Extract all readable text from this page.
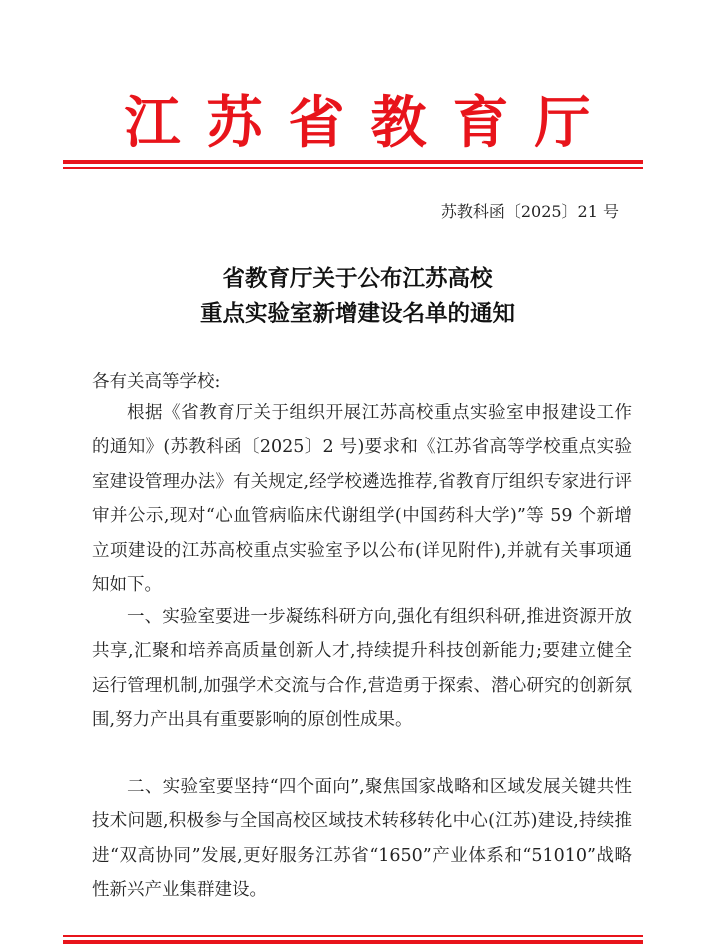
江苏省教育厅
苏教科函〔2025〕21 号
省教育厅关于公布江苏高校
重点实验室新增建设名单的通知
各有关高等学校:

根据《省教育厅关于组织开展江苏高校重点实验室申报建设工作的通知》(苏教科函〔2025〕2 号)要求和《江苏省高等学校重点实验室建设管理办法》有关规定,经学校遴选推荐,省教育厅组织专家进行评审并公示,现对“心血管病临床代谢组学(中国药科大学)”等 59 个新增立项建设的江苏高校重点实验室予以公布(详见附件),并就有关事项通知如下。

一、实验室要进一步凝练科研方向,强化有组织科研,推进资源开放共享,汇聚和培养高质量创新人才,持续提升科技创新能力;要建立健全运行管理机制,加强学术交流与合作,营造勇于探索、潜心研究的创新氛围,努力产出具有重要影响的原创性成果。

二、实验室要坚持“四个面向”,聚焦国家战略和区域发展关键共性技术问题,积极参与全国高校区域技术转移转化中心(江苏)建设,持续推进“双高协同”发展,更好服务江苏省“1650”产业体系和“51010”战略性新兴产业集群建设。
